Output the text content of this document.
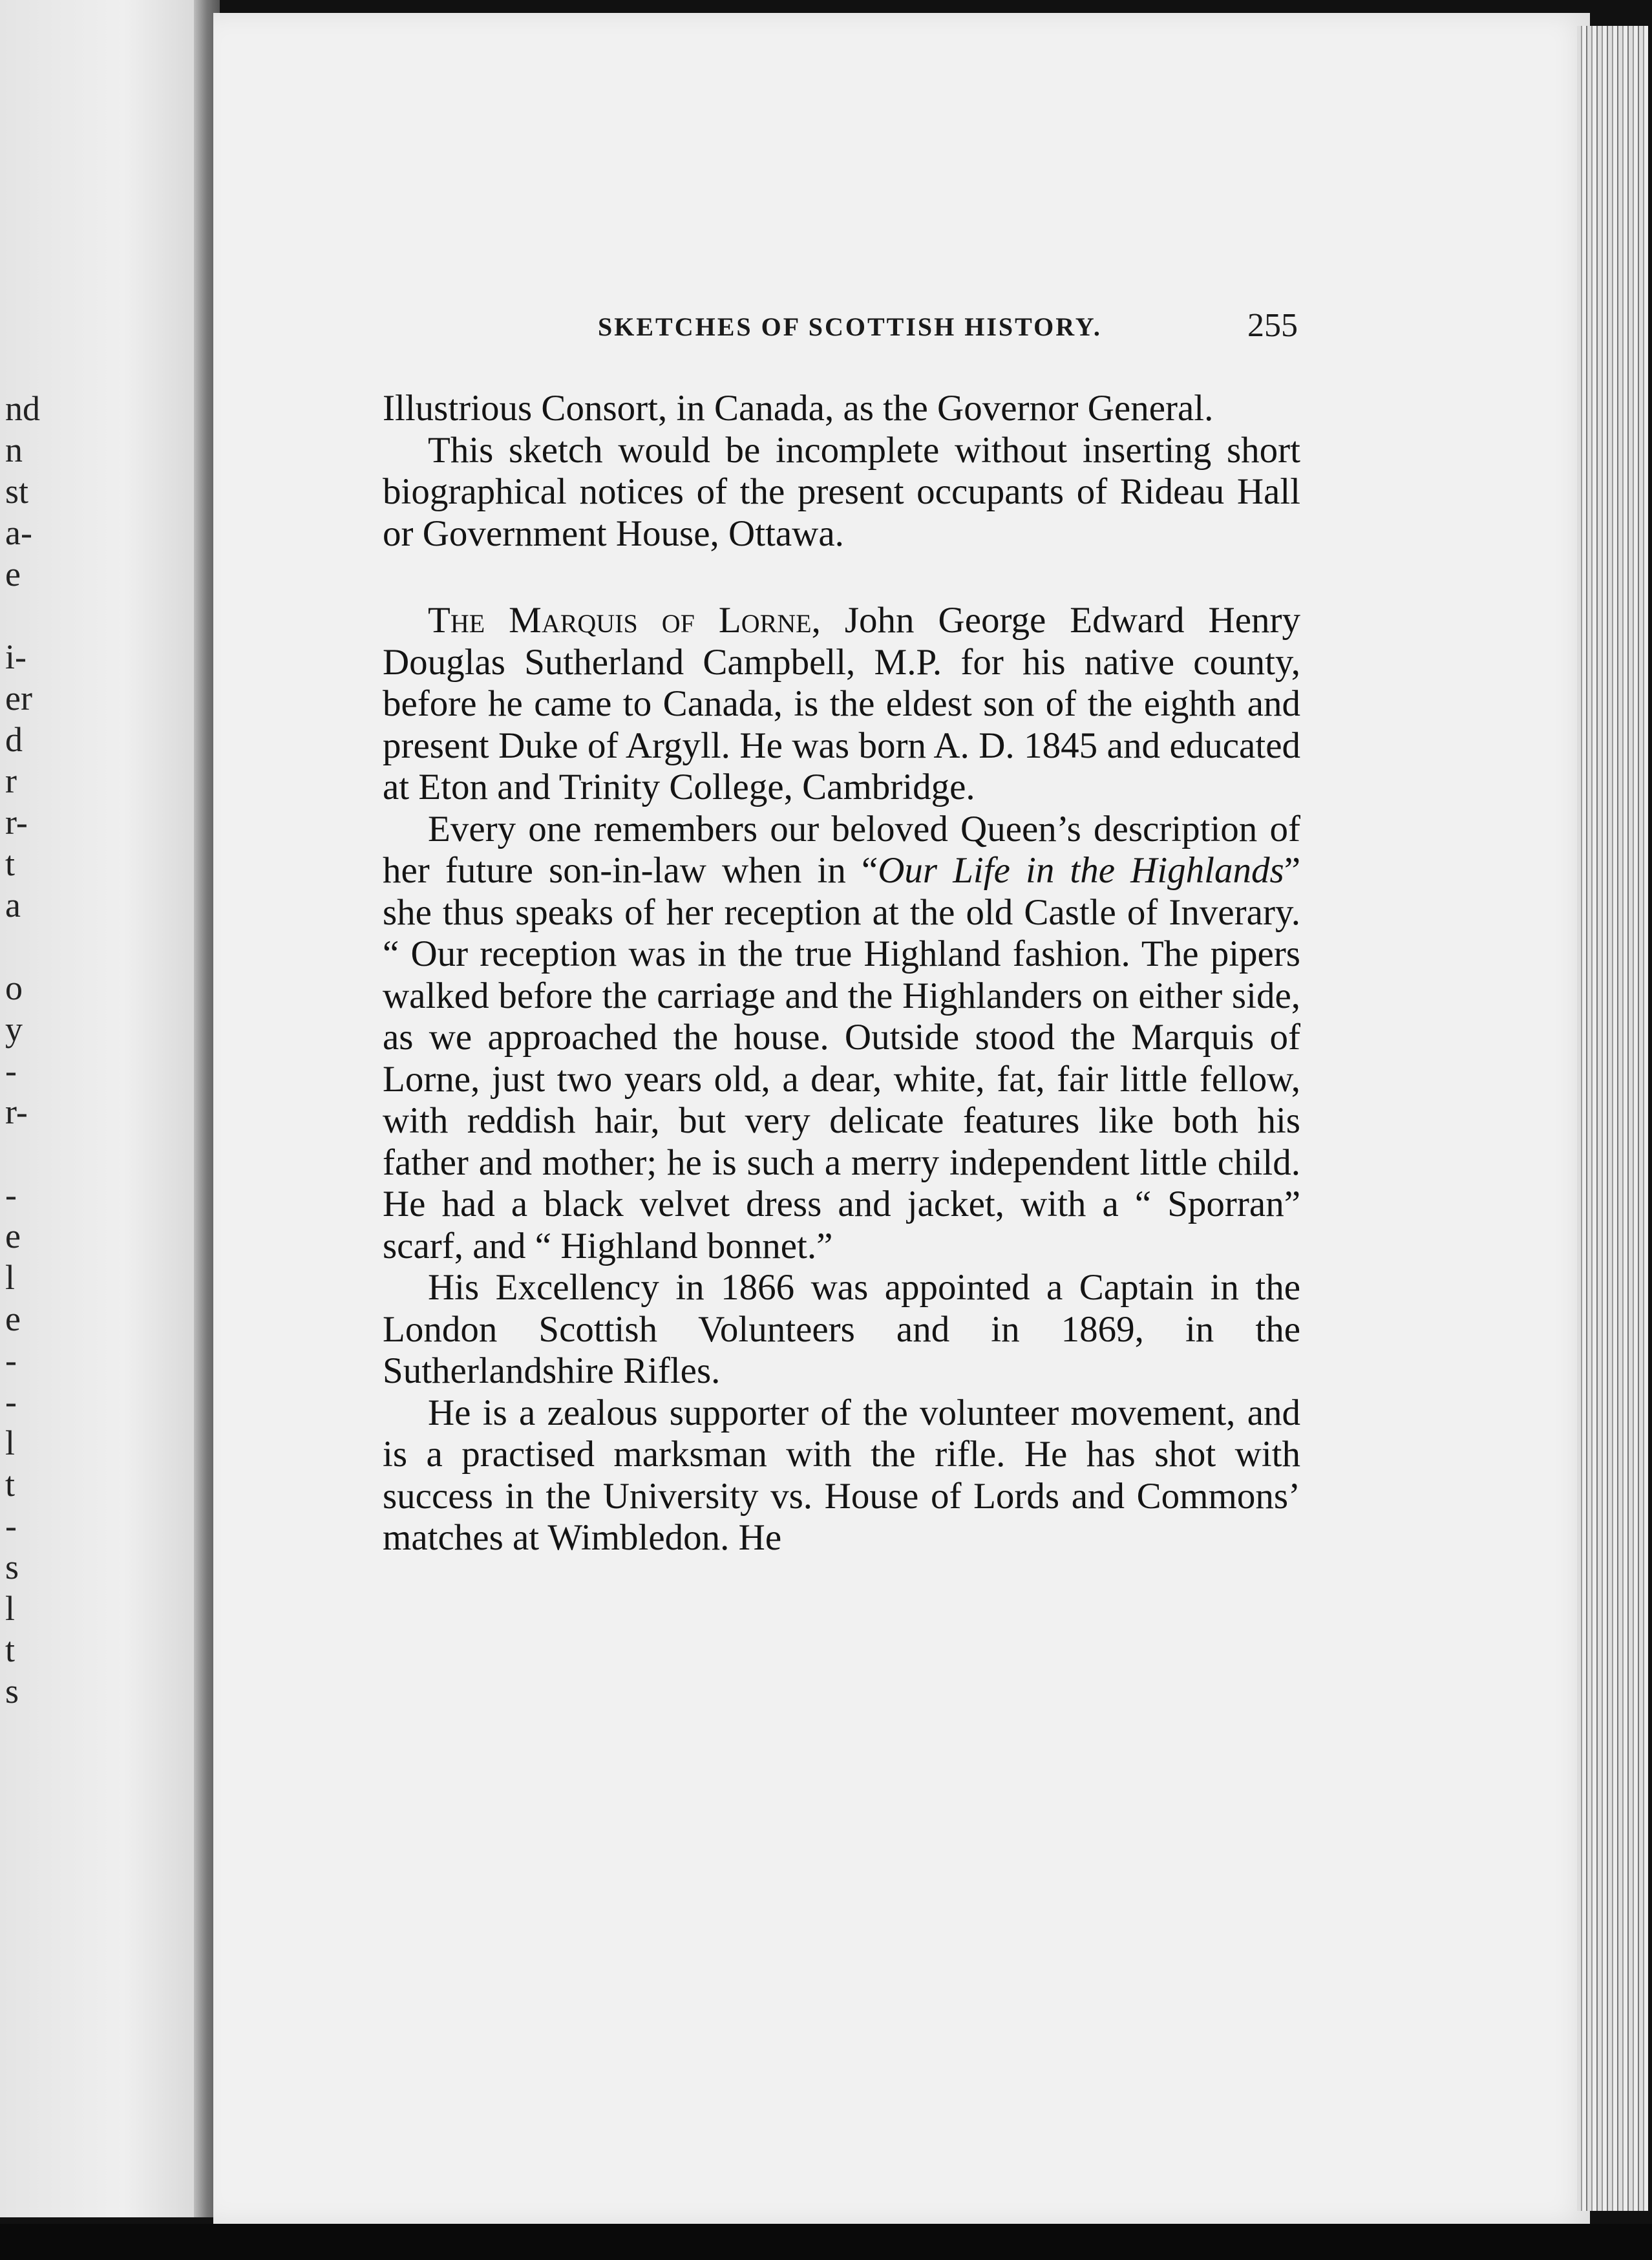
nd
n
st
a-
e

i-
er
d
r
r-
t
a

o
y
-
r-

-
e
l
e
-
-
l
t
-
s
l
t
s
SKETCHES OF SCOTTISH HISTORY.	255

Illustrious Consort, in Canada, as the Governor General.

This sketch would be incomplete without inserting short biographical notices of the present occupants of Rideau Hall or Government House, Ottawa.

The Marquis of Lorne, John George Edward Henry Douglas Sutherland Campbell, M.P. for his native county, before he came to Canada, is the eldest son of the eighth and present Duke of Argyll. He was born A. D. 1845 and educated at Eton and Trinity College, Cambridge.

Every one remembers our beloved Queen’s description of her future son-in-law when in “Our Life in the Highlands” she thus speaks of her reception at the old Castle of Inverary. “ Our reception was in the true Highland fashion. The pipers walked before the carriage and the Highlanders on either side, as we approached the house. Outside stood the Marquis of Lorne, just two years old, a dear, white, fat, fair little fellow, with reddish hair, but very delicate features like both his father and mother; he is such a merry independent little child. He had a black velvet dress and jacket, with a “ Sporran” scarf, and “ Highland bonnet.”

His Excellency in 1866 was appointed a Captain in the London Scottish Volunteers and in 1869, in the Sutherlandshire Rifles.

He is a zealous supporter of the volunteer movement, and is a practised marksman with the rifle. He has shot with success in the University vs. House of Lords and Commons’ matches at Wimbledon. He
